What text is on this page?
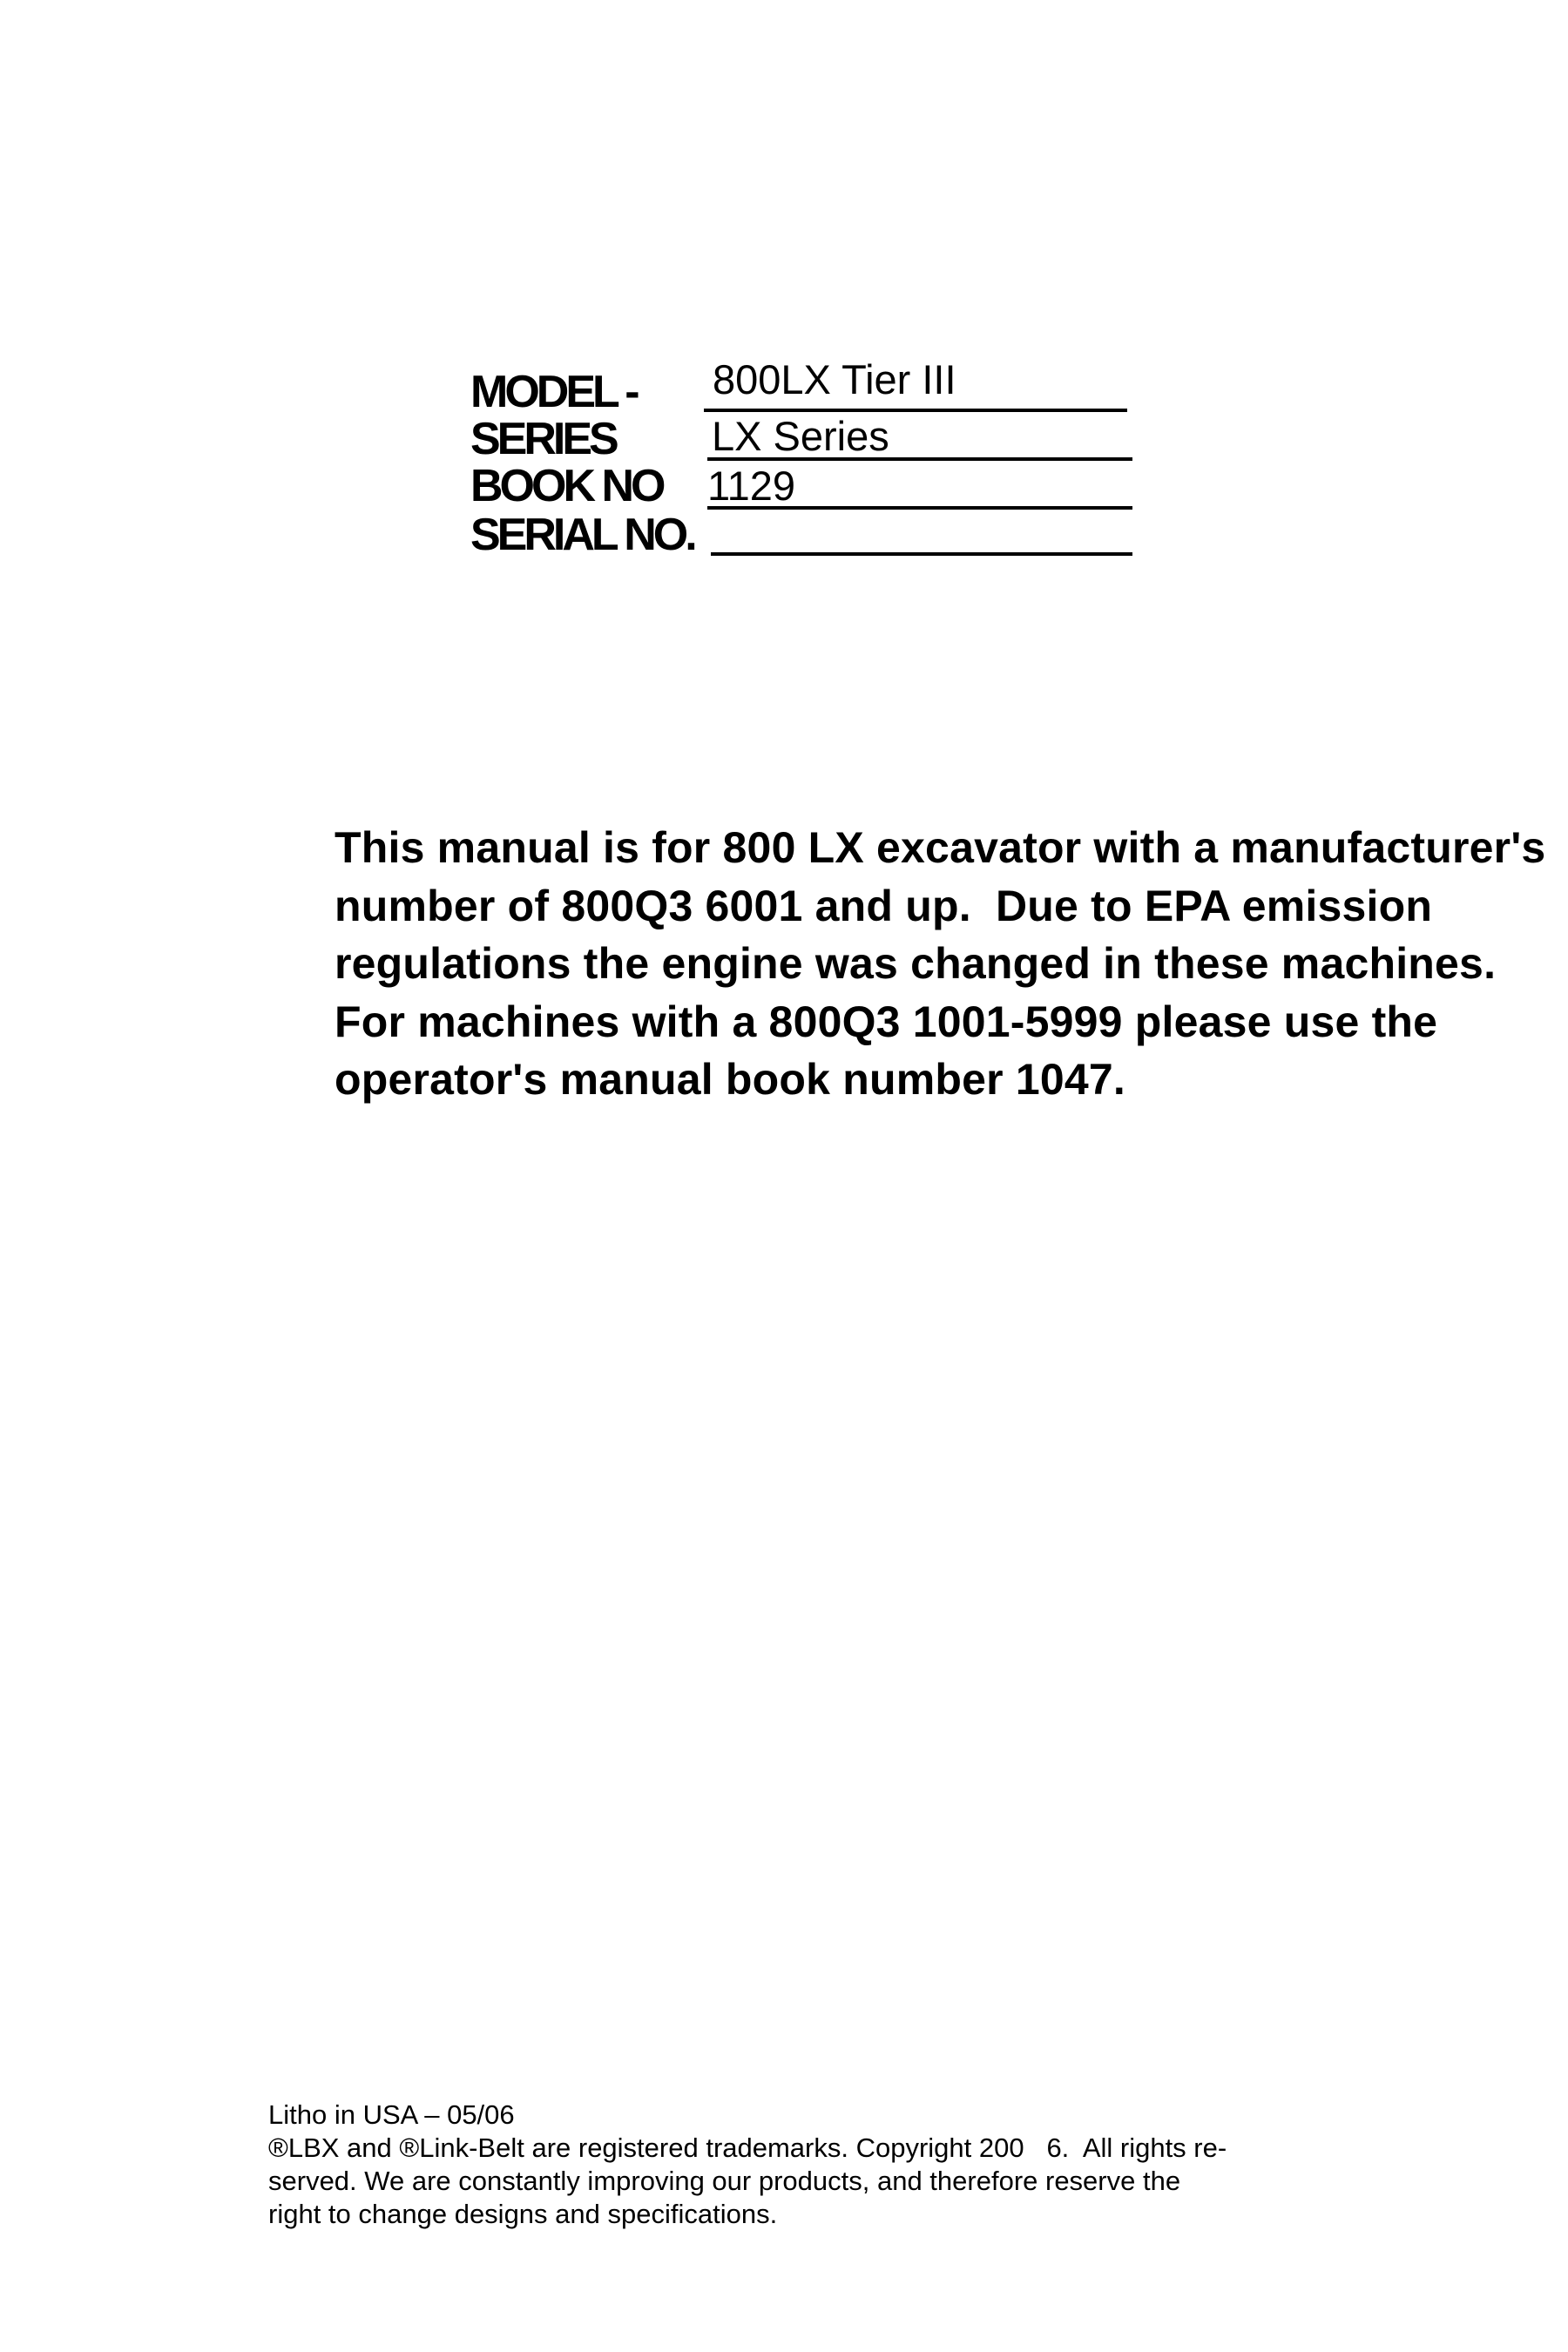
MODEL - 800LX Tier III
SERIES LX Series
BOOK NO 1129
SERIAL NO.
This manual is for 800 LX excavator with a manufacturer's
number of 800Q3 6001 and up.  Due to EPA emission
regulations the engine was changed in these machines.
For machines with a 800Q3 1001-5999 please use the
operator's manual book number 1047.
Litho in USA – 05/06
®LBX and ®Link-Belt are registered trademarks. Copyright 200   6.  All rights re-
served. We are constantly improving our products, and therefore reserve the
right to change designs and specifications.
